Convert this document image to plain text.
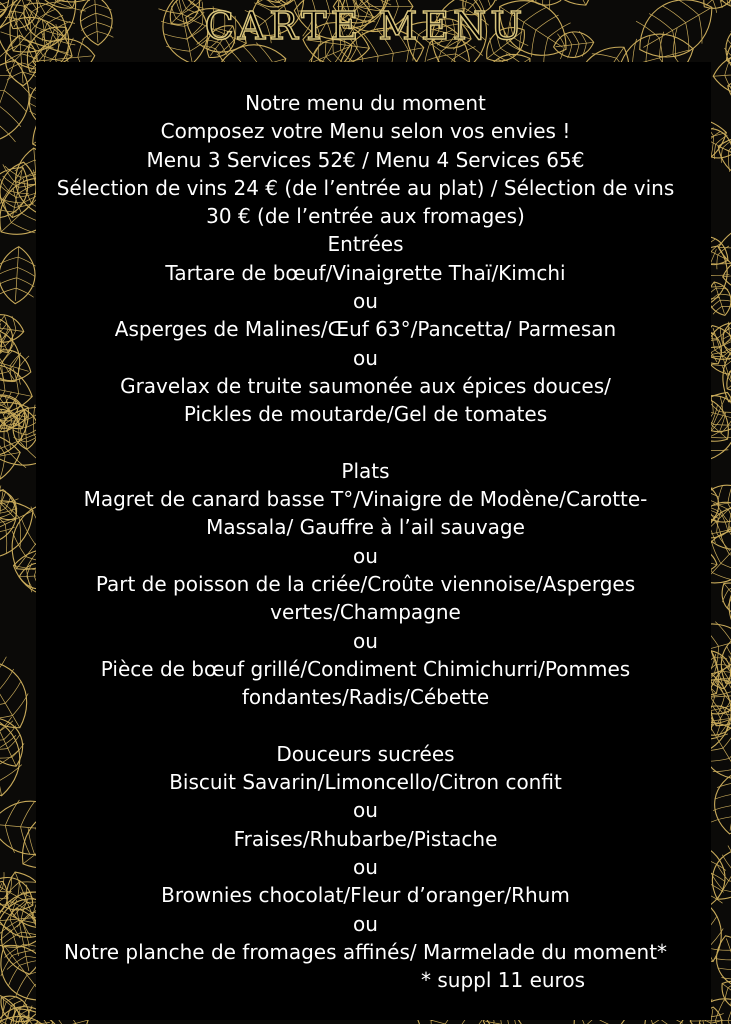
CARTE MENU
Notre menu du moment
Composez votre Menu selon vos envies !
Menu 3 Services 52€ / Menu 4 Services 65€
Sélection de vins 24 € (de l’entrée au plat) / Sélection de vins
30 € (de l’entrée aux fromages)
Entrées
Tartare de bœuf/Vinaigrette Thaï/Kimchi
ou
Asperges de Malines/Œuf 63°/Pancetta/ Parmesan
ou
Gravelax de truite saumonée aux épices douces/
Pickles de moutarde/Gel de tomates
Plats
Magret de canard basse T°/Vinaigre de Modène/Carotte-
Massala/ Gauffre à l’ail sauvage
ou
Part de poisson de la criée/Croûte viennoise/Asperges
vertes/Champagne
ou
Pièce de bœuf grillé/Condiment Chimichurri/Pommes
fondantes/Radis/Cébette
Douceurs sucrées
Biscuit Savarin/Limoncello/Citron confit
ou
Fraises/Rhubarbe/Pistache
ou
Brownies chocolat/Fleur d’oranger/Rhum
ou
Notre planche de fromages affinés/ Marmelade du moment*
* suppl 11 euros
